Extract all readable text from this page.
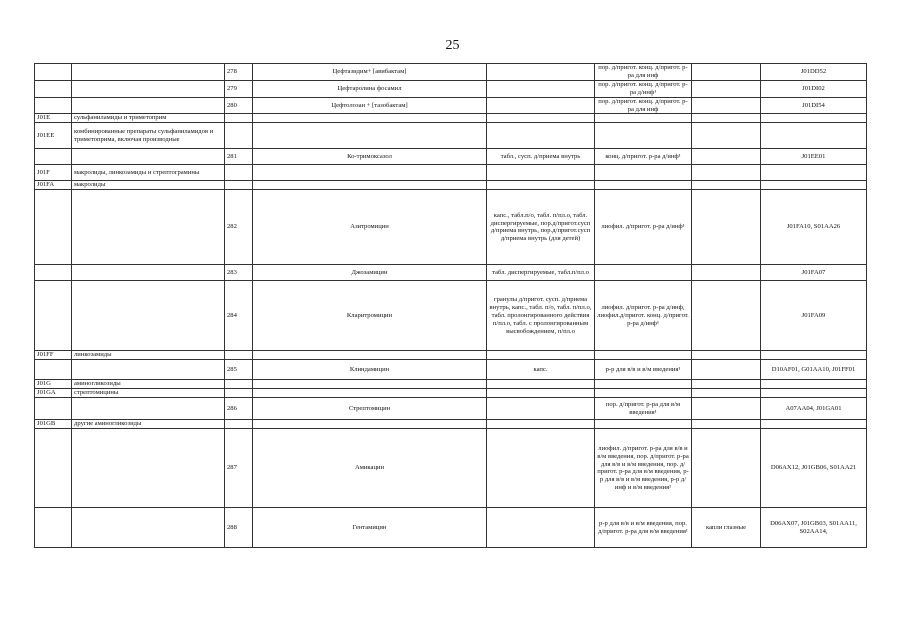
25
		278	Цефтазидим+ [авибактам]		пор. д/пригот. конц. д/пригот. р-ра для инф		J01DD52
		279	Цефтаролина фосамил		пор. д/пригот. конц. д/пригот. р-ра д/инф¹		J01DI02
		280	Цефтолозан + [тазобактам]		пор. д/пригот. конц. д/пригот. р-ра для инф		J01DI54
J01E	сульфаниламиды и триметоприм						
J01EE	комбинированные препараты сульфаниламидов и триметоприма, включая производные						
		281	Ко-тримоксазол	табл., сусп. д/приема внутрь	конц. д/пригот. р-ра д/инф¹		J01EE01
J01F	макролиды, линкозамиды и стрептограмины						
J01FA	макролиды						
		282	Азитромицин	капс., табл.п/о, табл. п/пл.о, табл. диспергируемые, пор.д/пригот.сусп д/приема внутрь, пор.д/пригот.сусп д/приема внутрь (для детей)	лиофил. д/пригот. р-ра д/инф¹		J01FA10, S01AA26
		283	Джозамицин	табл. диспергируемые, табл.п/пл.о			J01FA07
		284	Кларитромицин	гранулы д/пригот. сусп. д/приема внутрь, капс., табл. п/о, табл. п/пл.о, табл. пролонгированного действия п/пл.о, табл. с пролонгированным высвобождением, п/пл.о	лиофил. д/пригот. р-ра д/инф, лиофил.д/пригот. конц. д/пригот. р-ра д/инф¹		J01FA09
J01FF	линкозамиды						
		285	Клиндамицин	капс.	р-р для в/в и в/м введения¹		D10AF01, G01AA10, J01FF01
J01G	аминогликозиды						
J01GA	стрептомицины						
		286	Стрептомицин		пор. д/пригот. р-ра для в/м введения¹		A07AA04, J01GA01
J01GB	другие аминогликозиды						
		287	Амикацин		лиофил. д/пригот. р-ра для в/в и в/м введения, пор. д/пригот. р-ра для в/в и в/м введения, пор. д/пригот. р-ра для в/м введения, р-р для в/в и в/м введения, р-р д/инф и в/м введения¹		D06AX12, J01GB06, S01AA21
		288	Гентамицин		р-р для в/в и в/м введения, пор. д/пригот. р-ра для в/м введения¹	капли глазные	D06AX07, J01GB03, S01AA11, S02AA14,
